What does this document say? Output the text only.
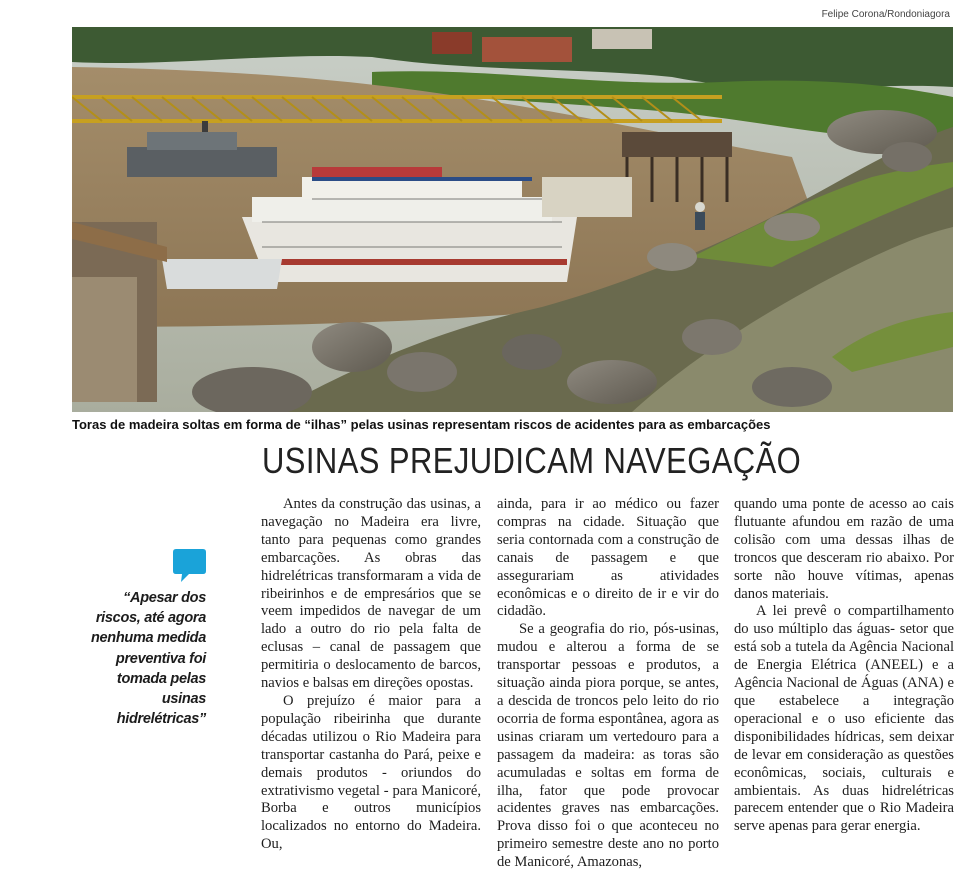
Felipe Corona/Rondoniagora
Toras de madeira soltas em forma de “ilhas” pelas usinas representam riscos de acidentes para as embarcações
USINAS PREJUDICAM NAVEGAÇÃO
“Apesar dos riscos, até agora nenhuma medida preventiva foi tomada pelas usinas hidrelétricas”

Antes da construção das usinas, a navegação no Madeira era livre, tanto para pequenas como grandes embarcações. As obras das hidrelétricas transformaram a vida de ribeirinhos e de empresários que se veem impedidos de navegar de um lado a outro do rio pela falta de eclusas – canal de passagem que permitiria o deslocamento de barcos, navios e balsas em direções opostas.

O prejuízo é maior para a população ribeirinha que durante décadas utilizou o Rio Madeira para transportar castanha do Pará, peixe e demais produtos - oriundos do extrativismo vegetal - para Manicoré, Borba e outros municípios localizados no entorno do Madeira. Ou,

ainda, para ir ao médico ou fazer compras na cidade. Situação que seria contornada com a construção de canais de passagem e que assegurariam as atividades econômicas e o direito de ir e vir do cidadão.

Se a geografia do rio, pós-usinas, mudou e alterou a forma de se transportar pessoas e produtos, a situação ainda piora porque, se antes, a descida de troncos pelo leito do rio ocorria de forma espontânea, agora as usinas criaram um vertedouro para a passagem da madeira: as toras são acumuladas e soltas em forma de ilha, fator que pode provocar acidentes graves nas embarcações. Prova disso foi o que aconteceu no primeiro semestre deste ano no porto de Manicoré, Amazonas,

quando uma ponte de acesso ao cais flutuante afundou em razão de uma colisão com uma dessas ilhas de troncos que desceram rio abaixo. Por sorte não houve vítimas, apenas danos materiais.

A lei prevê o compartilhamento do uso múltiplo das águas- setor que está sob a tutela da Agência Nacional de Energia Elétrica (ANEEL) e a Agência Nacional de Águas (ANA) e que estabelece a integração operacional e o uso eficiente das disponibilidades hídricas, sem deixar de levar em consideração as questões econômicas, sociais, culturais e ambientais. As duas hidrelétricas parecem entender que o Rio Madeira serve apenas para gerar energia.
